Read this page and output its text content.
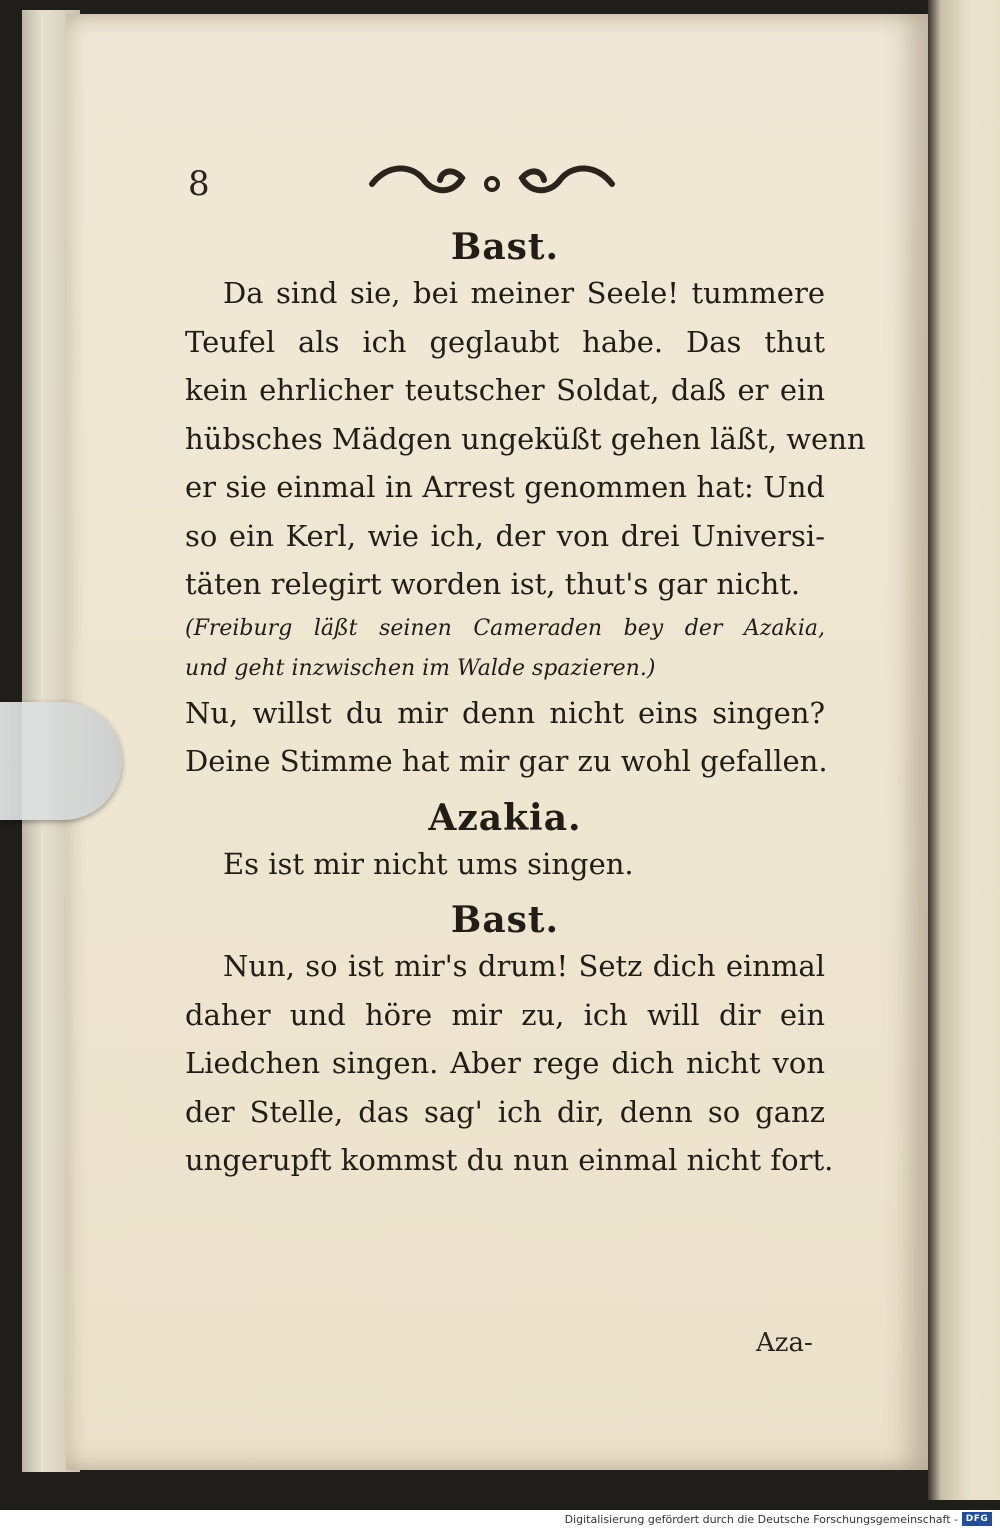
8
Bast.
Da sind sie, bei meiner Seele! tummere
Teufel als ich geglaubt habe. Das thut
kein ehrlicher teutscher Soldat, daß er ein
hübsches Mädgen ungeküßt gehen läßt, wenn
er sie einmal in Arrest genommen hat: Und
so ein Kerl, wie ich, der von drei Universi-
täten relegirt worden ist, thut's gar nicht.
(Freiburg läßt seinen Cameraden bey der Azakia,
und geht inzwischen im Walde spazieren.)
Nu, willst du mir denn nicht eins singen?
Deine Stimme hat mir gar zu wohl gefallen.
Azakia.
Es ist mir nicht ums singen.
Bast.
Nun, so ist mir's drum! Setz dich einmal
daher und höre mir zu, ich will dir ein
Liedchen singen. Aber rege dich nicht von
der Stelle, das sag' ich dir, denn so ganz
ungerupft kommst du nun einmal nicht fort.
Aza-
Digitalisierung gefördert durch die Deutsche Forschungsgemeinschaft - DFG
